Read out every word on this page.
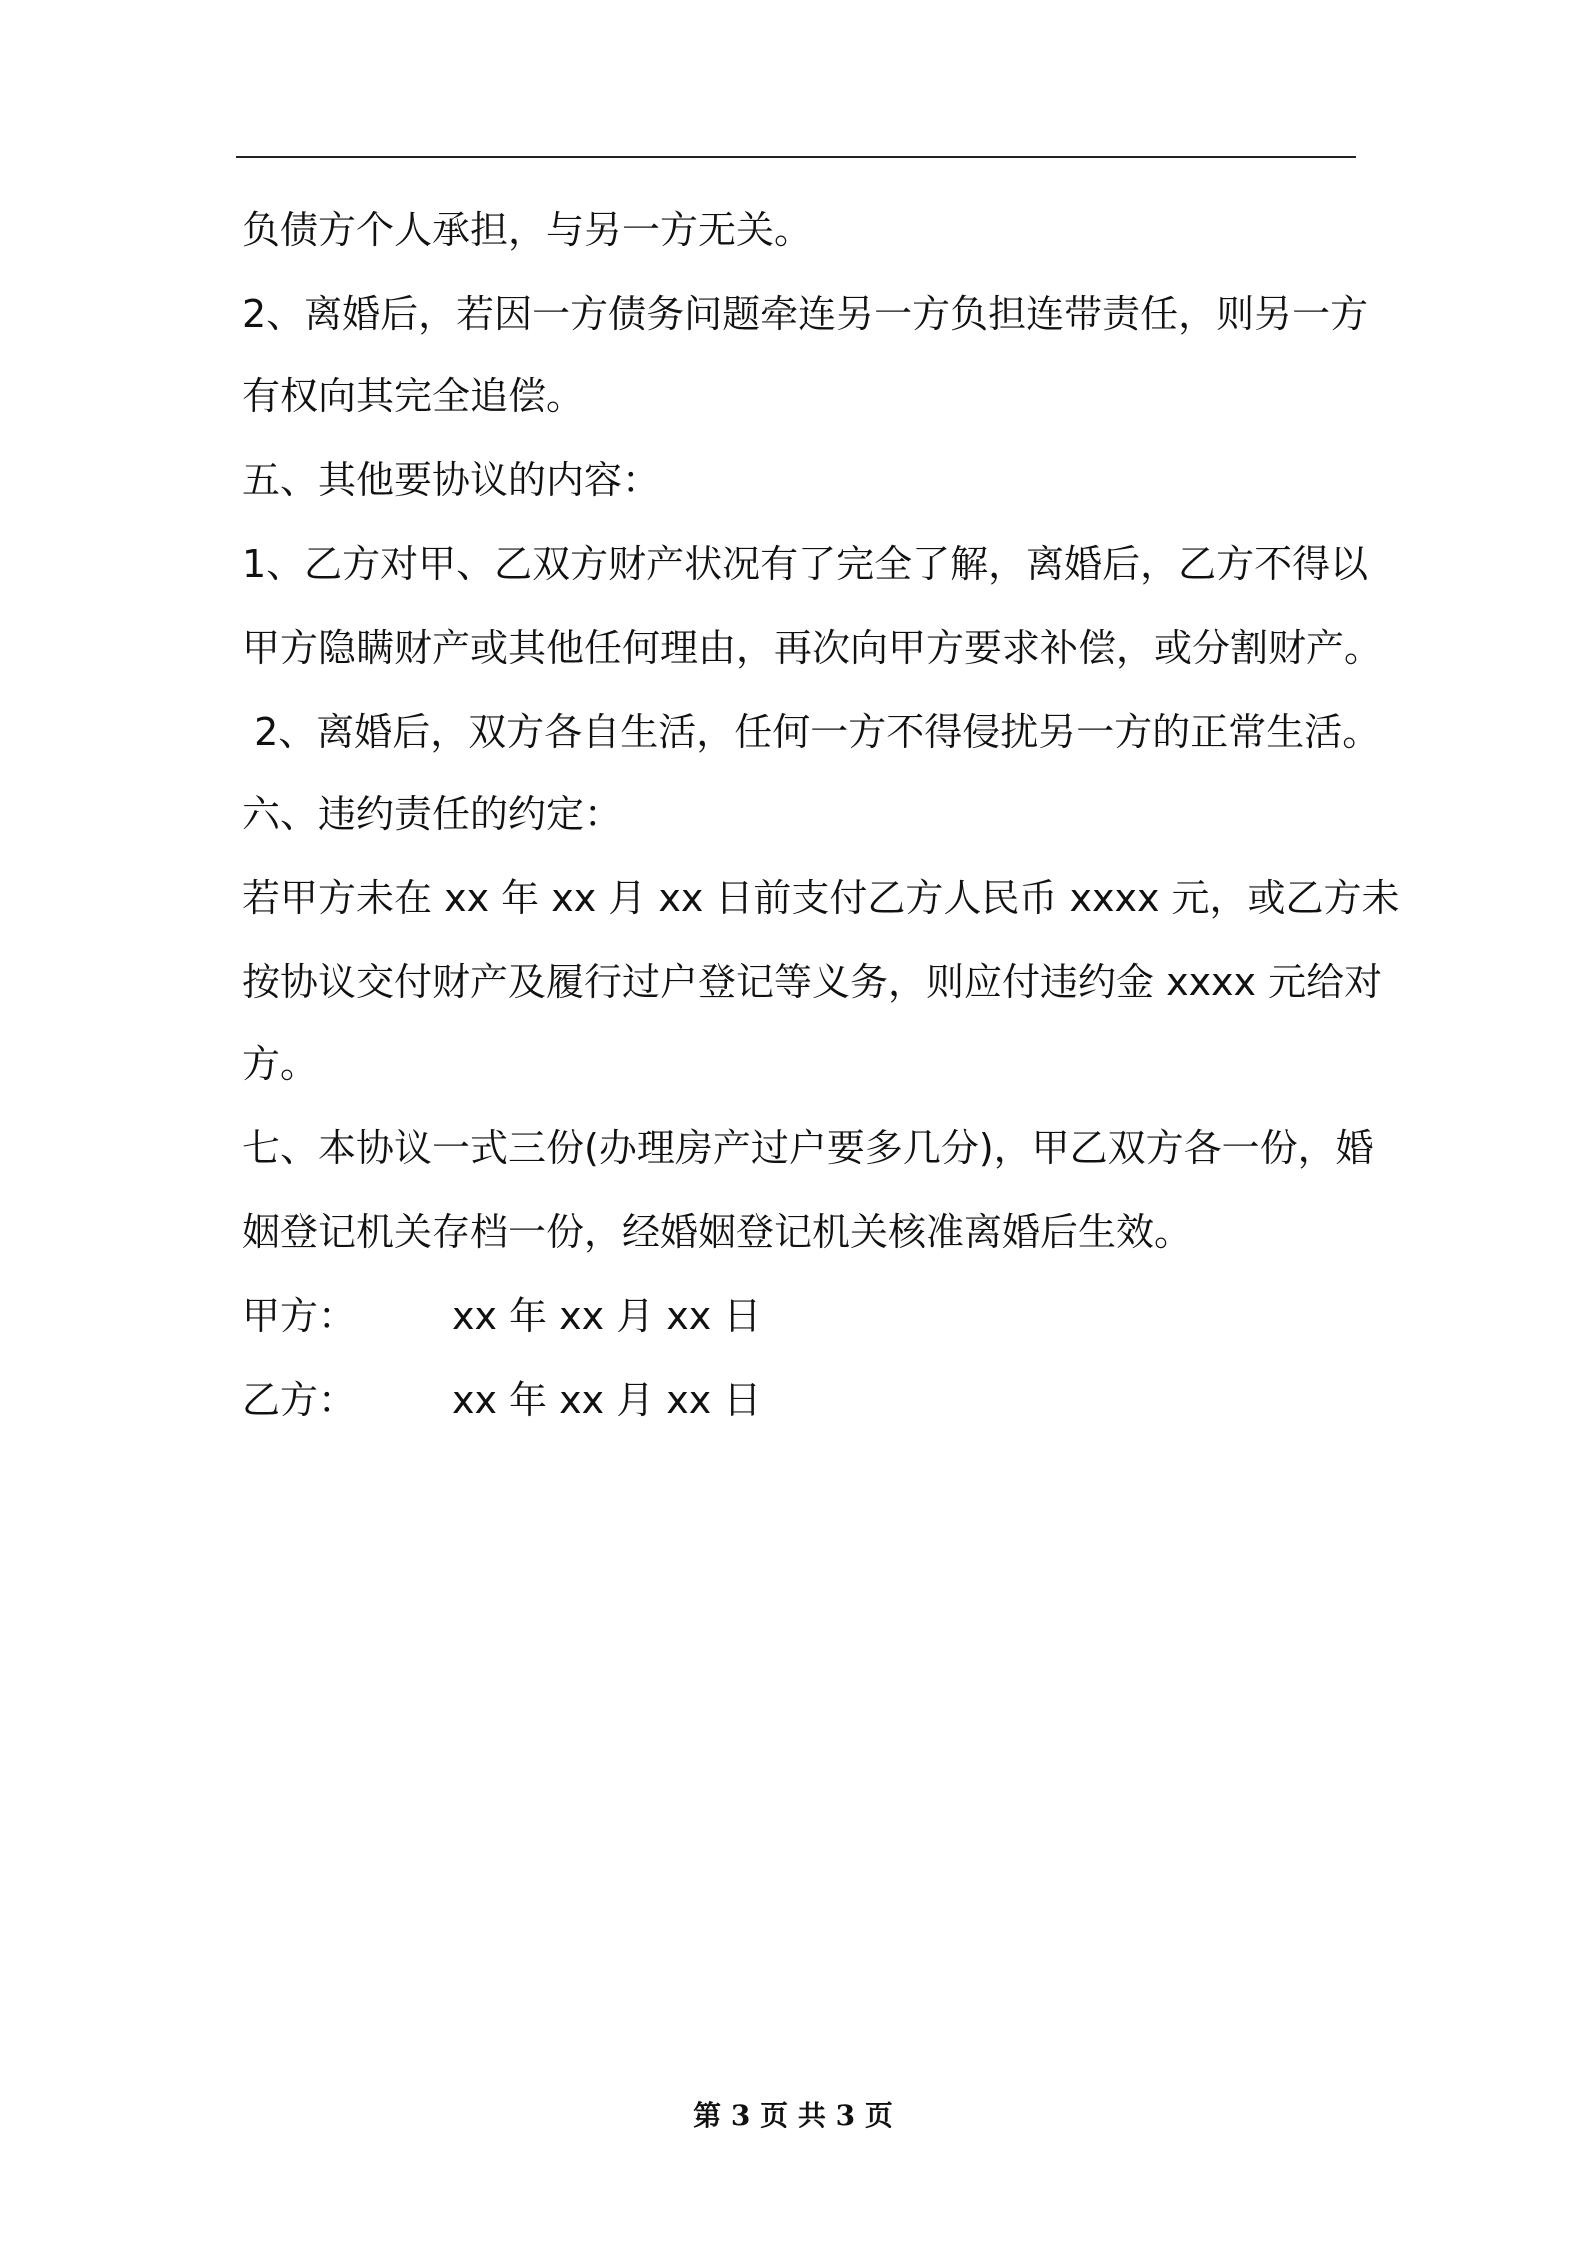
负债方个人承担，与另一方无关。
2、离婚后，若因一方债务问题牵连另一方负担连带责任，则另一方
有权向其完全追偿。
五、其他要协议的内容：
1、乙方对甲、乙双方财产状况有了完全了解，离婚后，乙方不得以
甲方隐瞒财产或其他任何理由，再次向甲方要求补偿，或分割财产。
2、离婚后，双方各自生活，任何一方不得侵扰另一方的正常生活。
六、违约责任的约定：
若甲方未在 xx 年 xx 月 xx 日前支付乙方人民币 xxxx 元，或乙方未
按协议交付财产及履行过户登记等义务，则应付违约金 xxxx 元给对
方。
七、本协议一式三份(办理房产过户要多几分)，甲乙双方各一份，婚
姻登记机关存档一份，经婚姻登记机关核准离婚后生效。
甲方：	xx 年 xx 月 xx 日
乙方：	xx 年 xx 月 xx 日
第 3 页 共 3 页
